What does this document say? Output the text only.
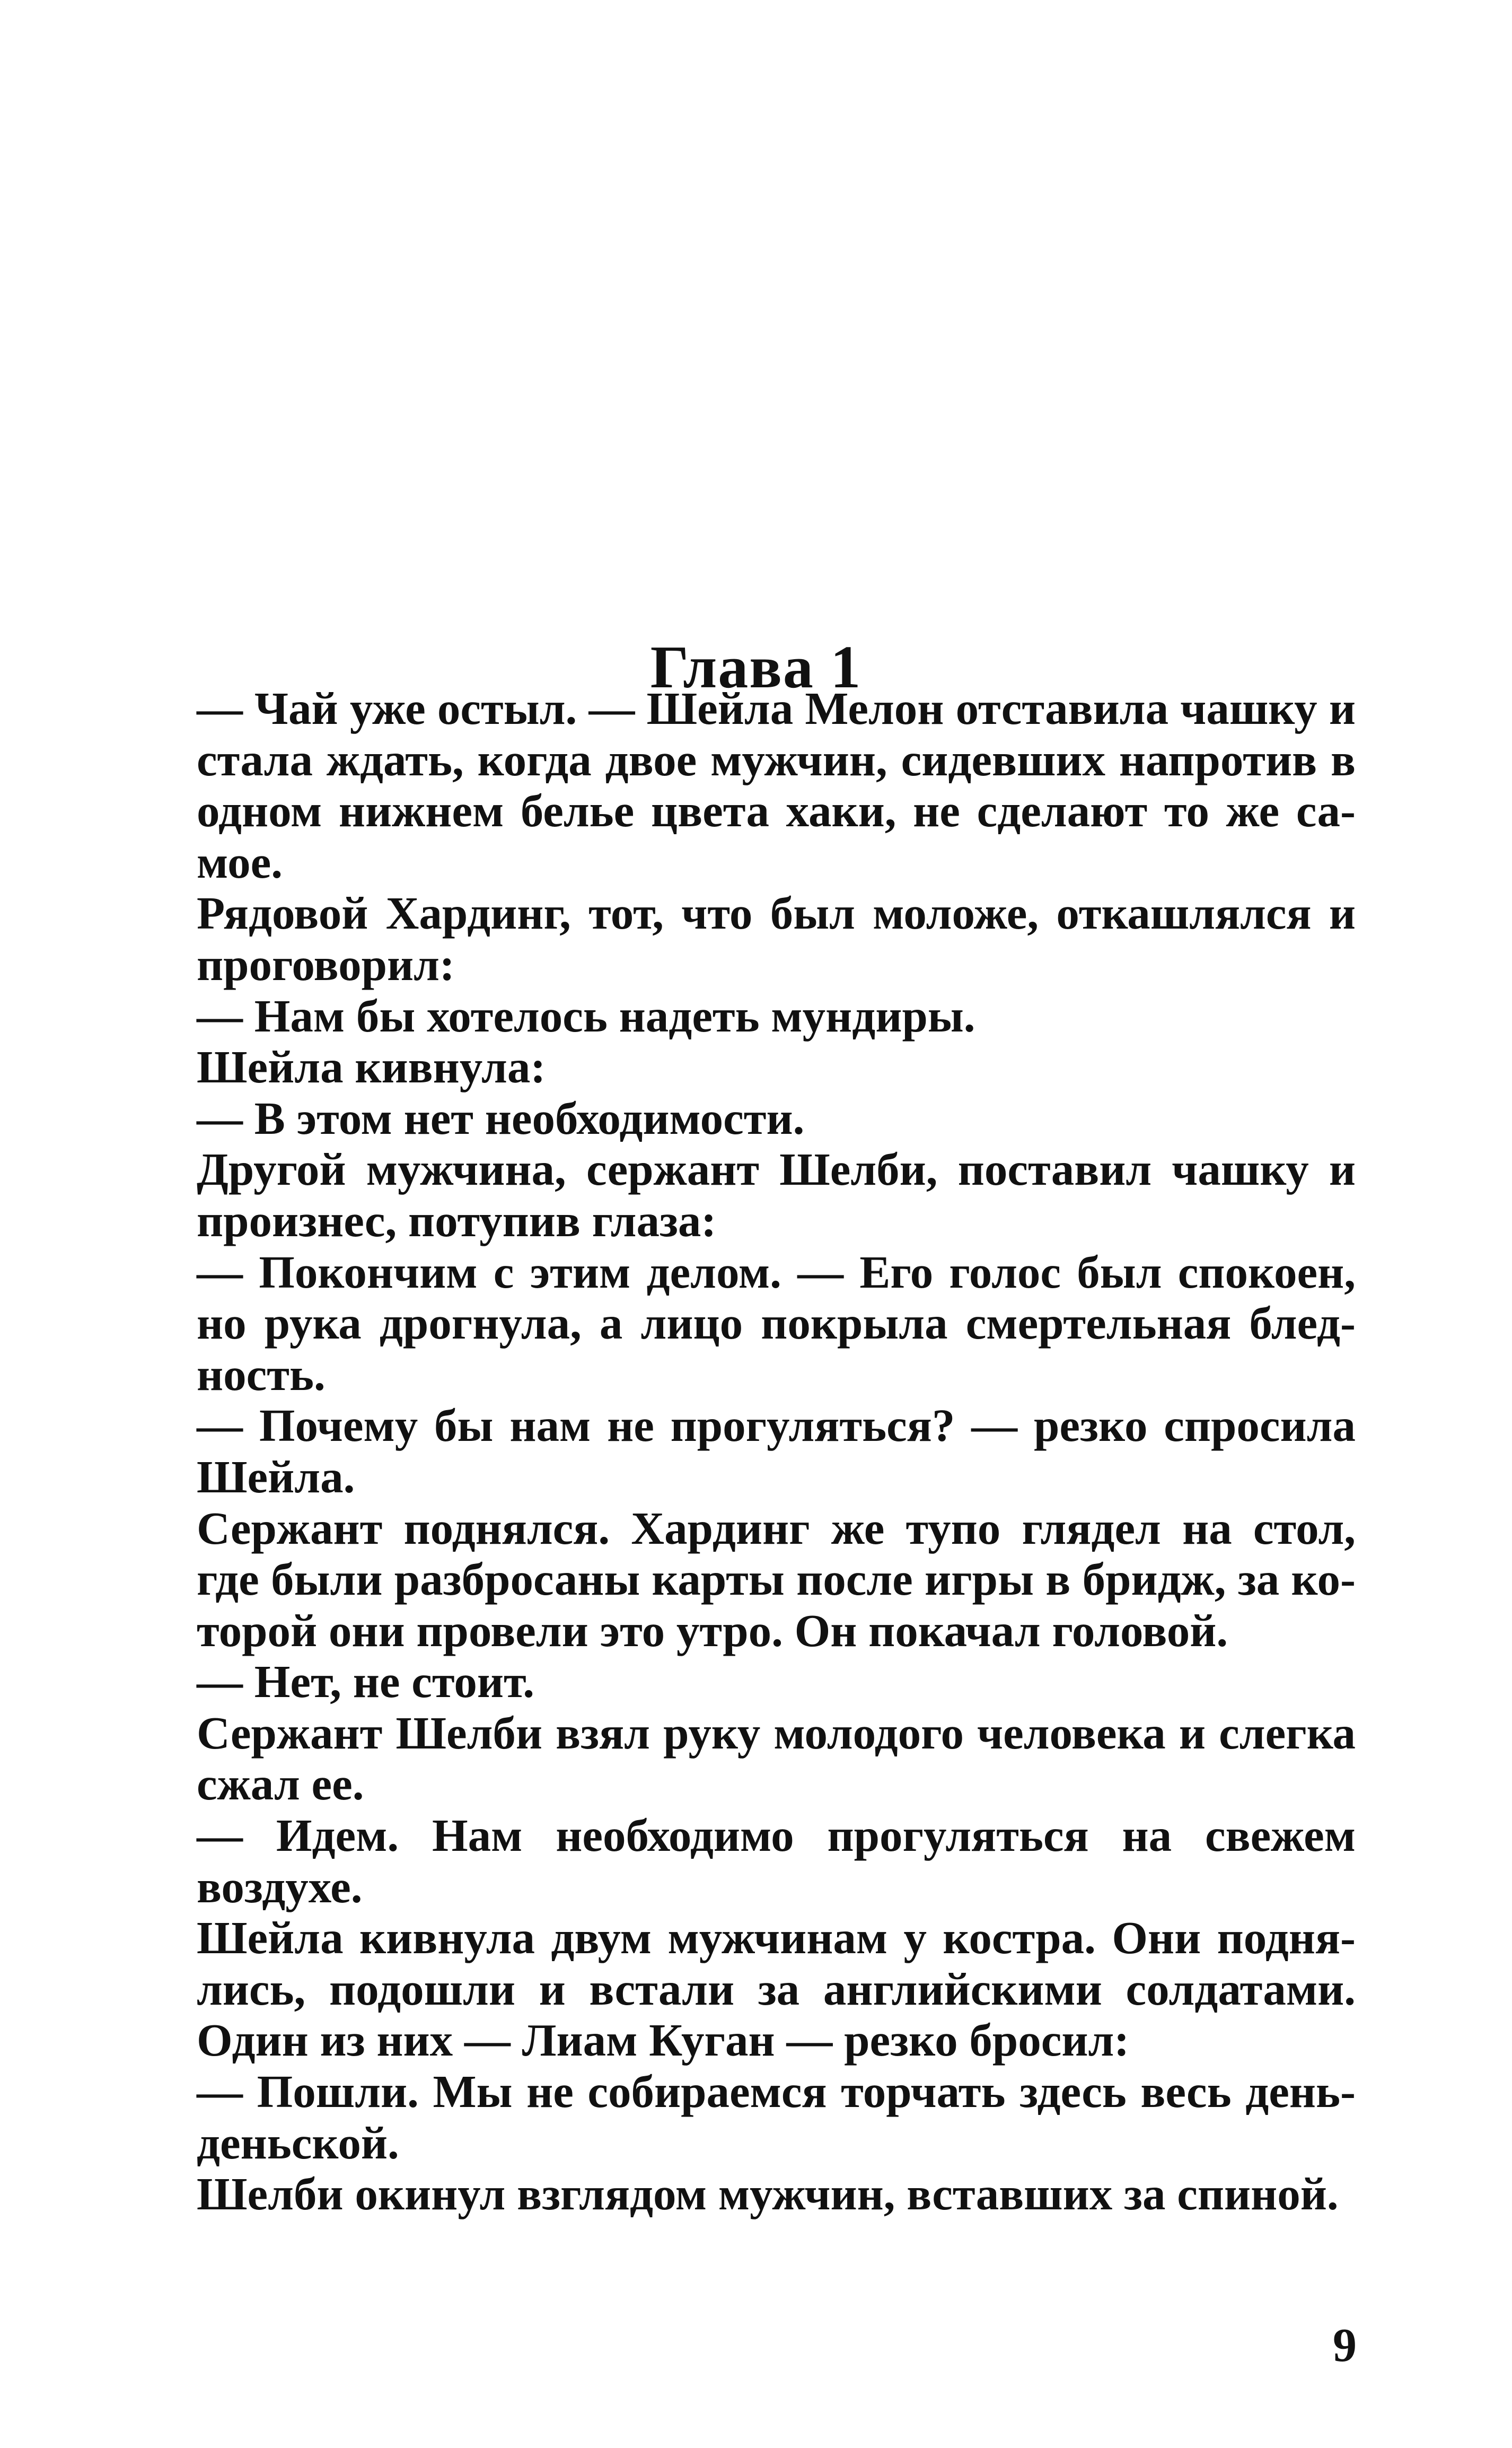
Глава 1

— Чай уже остыл. — Шейла Мелон отставила чашку и стала ждать, когда двое мужчин, сидевших напротив в одном нижнем белье цвета хаки, не сделают то же самое.

Рядовой Хардинг, тот, что был моложе, откашлялся и проговорил:

— Нам бы хотелось надеть мундиры.

Шейла кивнула:

— В этом нет необходимости.

Другой мужчина, сержант Шелби, поставил чашку и произнес, потупив глаза:

— Покончим с этим делом. — Его голос был спокоен, но рука дрогнула, а лицо покрыла смертельная бледность.

— Почему бы нам не прогуляться? — резко спросила Шейла.

Сержант поднялся. Хардинг же тупо глядел на стол, где были разбросаны карты после игры в бридж, за которой они провели это утро. Он покачал головой.

— Нет, не стоит.

Сержант Шелби взял руку молодого человека и слегка сжал ее.

— Идем. Нам необходимо прогуляться на свежем воздухе.

Шейла кивнула двум мужчинам у костра. Они поднялись, подошли и встали за английскими солдатами. Один из них — Лиам Куган — резко бросил:

— Пошли. Мы не собираемся торчать здесь весь день-деньской.

Шелби окинул взглядом мужчин, вставших за спиной.

9
